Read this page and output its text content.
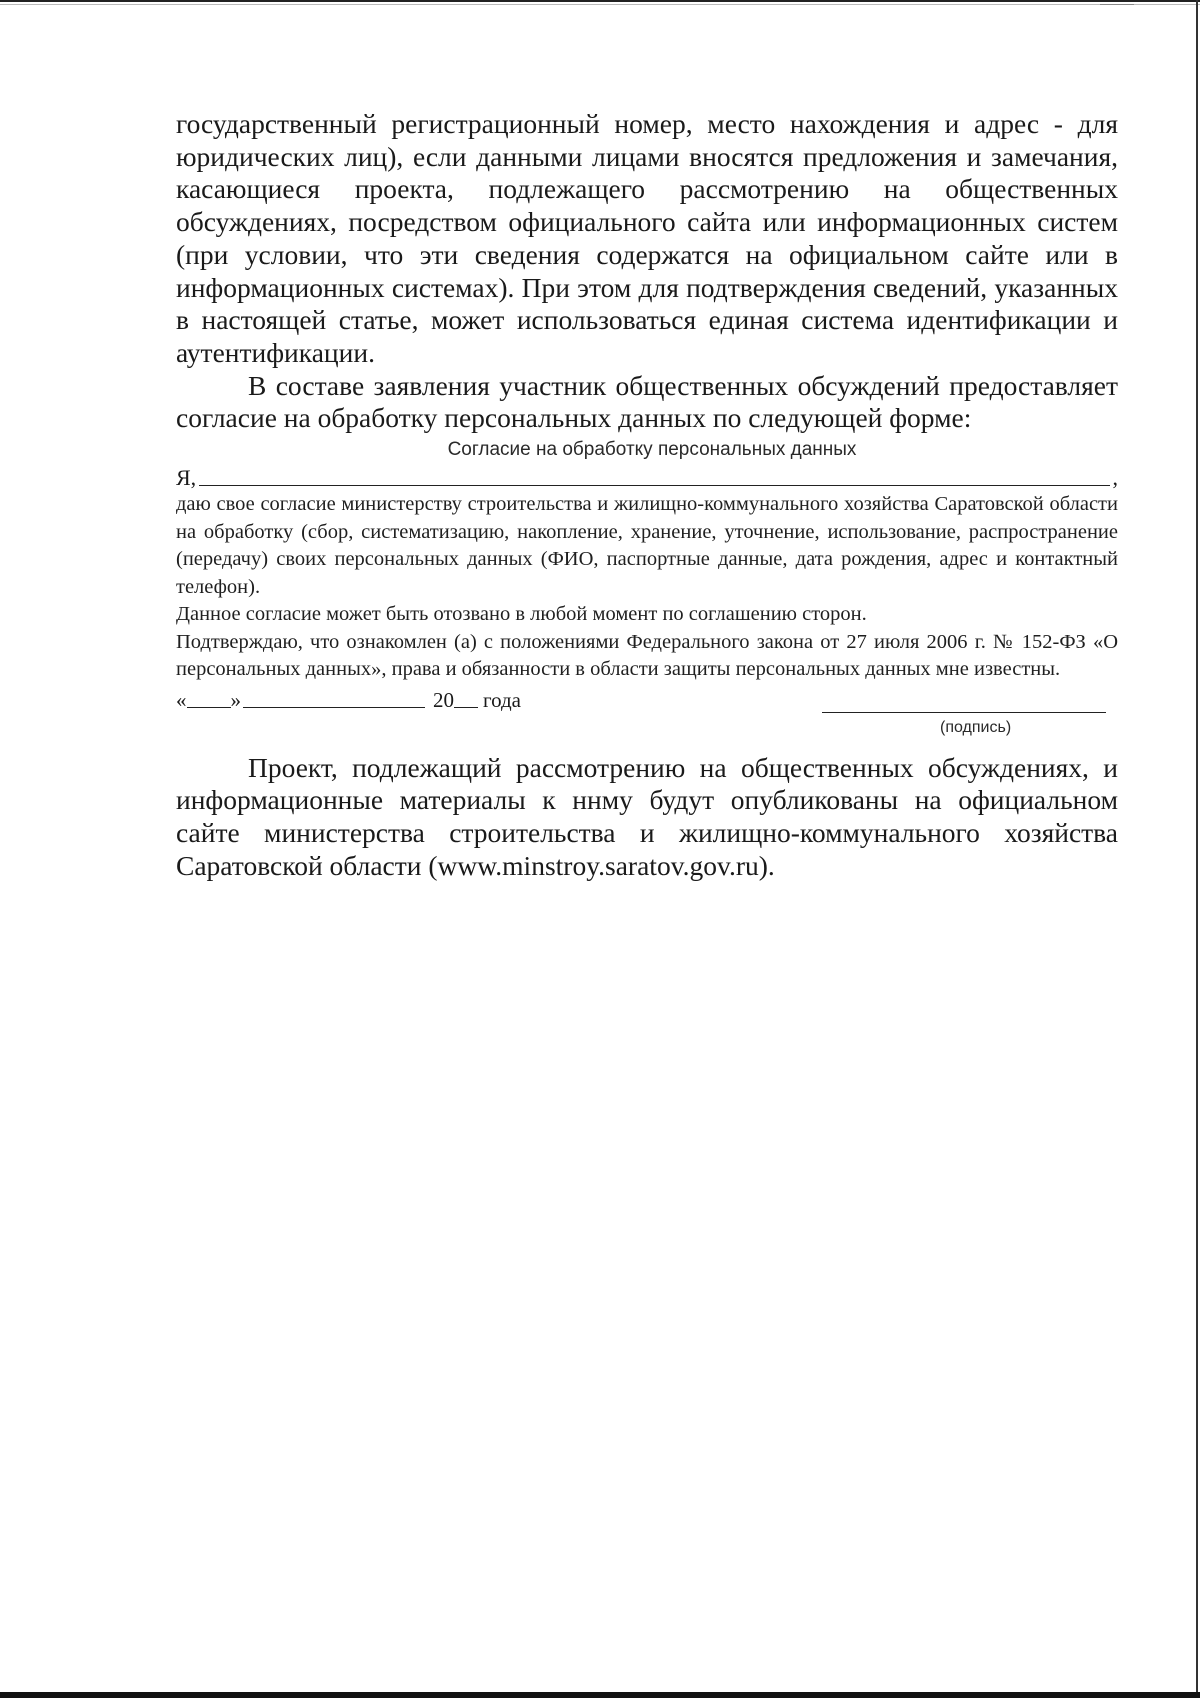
государственный регистрационный номер, место нахождения и адрес - для юридических лиц), если данными лицами вносятся предложения и замечания, касающиеся проекта, подлежащего рассмотрению на общественных обсуждениях, посредством официального сайта или информационных систем (при условии, что эти сведения содержатся на официальном сайте или в информационных системах). При этом для подтверждения сведений, указанных в настоящей статье, может использоваться единая система идентификации и аутентификации.

В составе заявления участник общественных обсуждений предоставляет согласие на обработку персональных данных по следующей форме:

Согласие на обработку персональных данных
Я,	,

даю свое согласие министерству строительства и жилищно-коммунального хозяйства Саратовской области на обработку (сбор, систематизацию, накопление, хранение, уточнение, использование, распространение (передачу) своих персональных данных (ФИО, паспортные данные, дата рождения, адрес и контактный телефон).

Данное согласие может быть отозвано в любой момент по соглашению сторон.

Подтверждаю, что ознакомлен (а) с положениями Федерального закона от 27 июля 2006 г. № 152-ФЗ «О персональных данных», права и обязанности в области защиты персональных данных мне известны.

« »	20 года
(подпись)

Проект, подлежащий рассмотрению на общественных обсуждениях, и информационные материалы к ннму будут опубликованы на официальном сайте министерства строительства и жилищно-коммунального хозяйства Саратовской области (www.minstroy.saratov.gov.ru).
